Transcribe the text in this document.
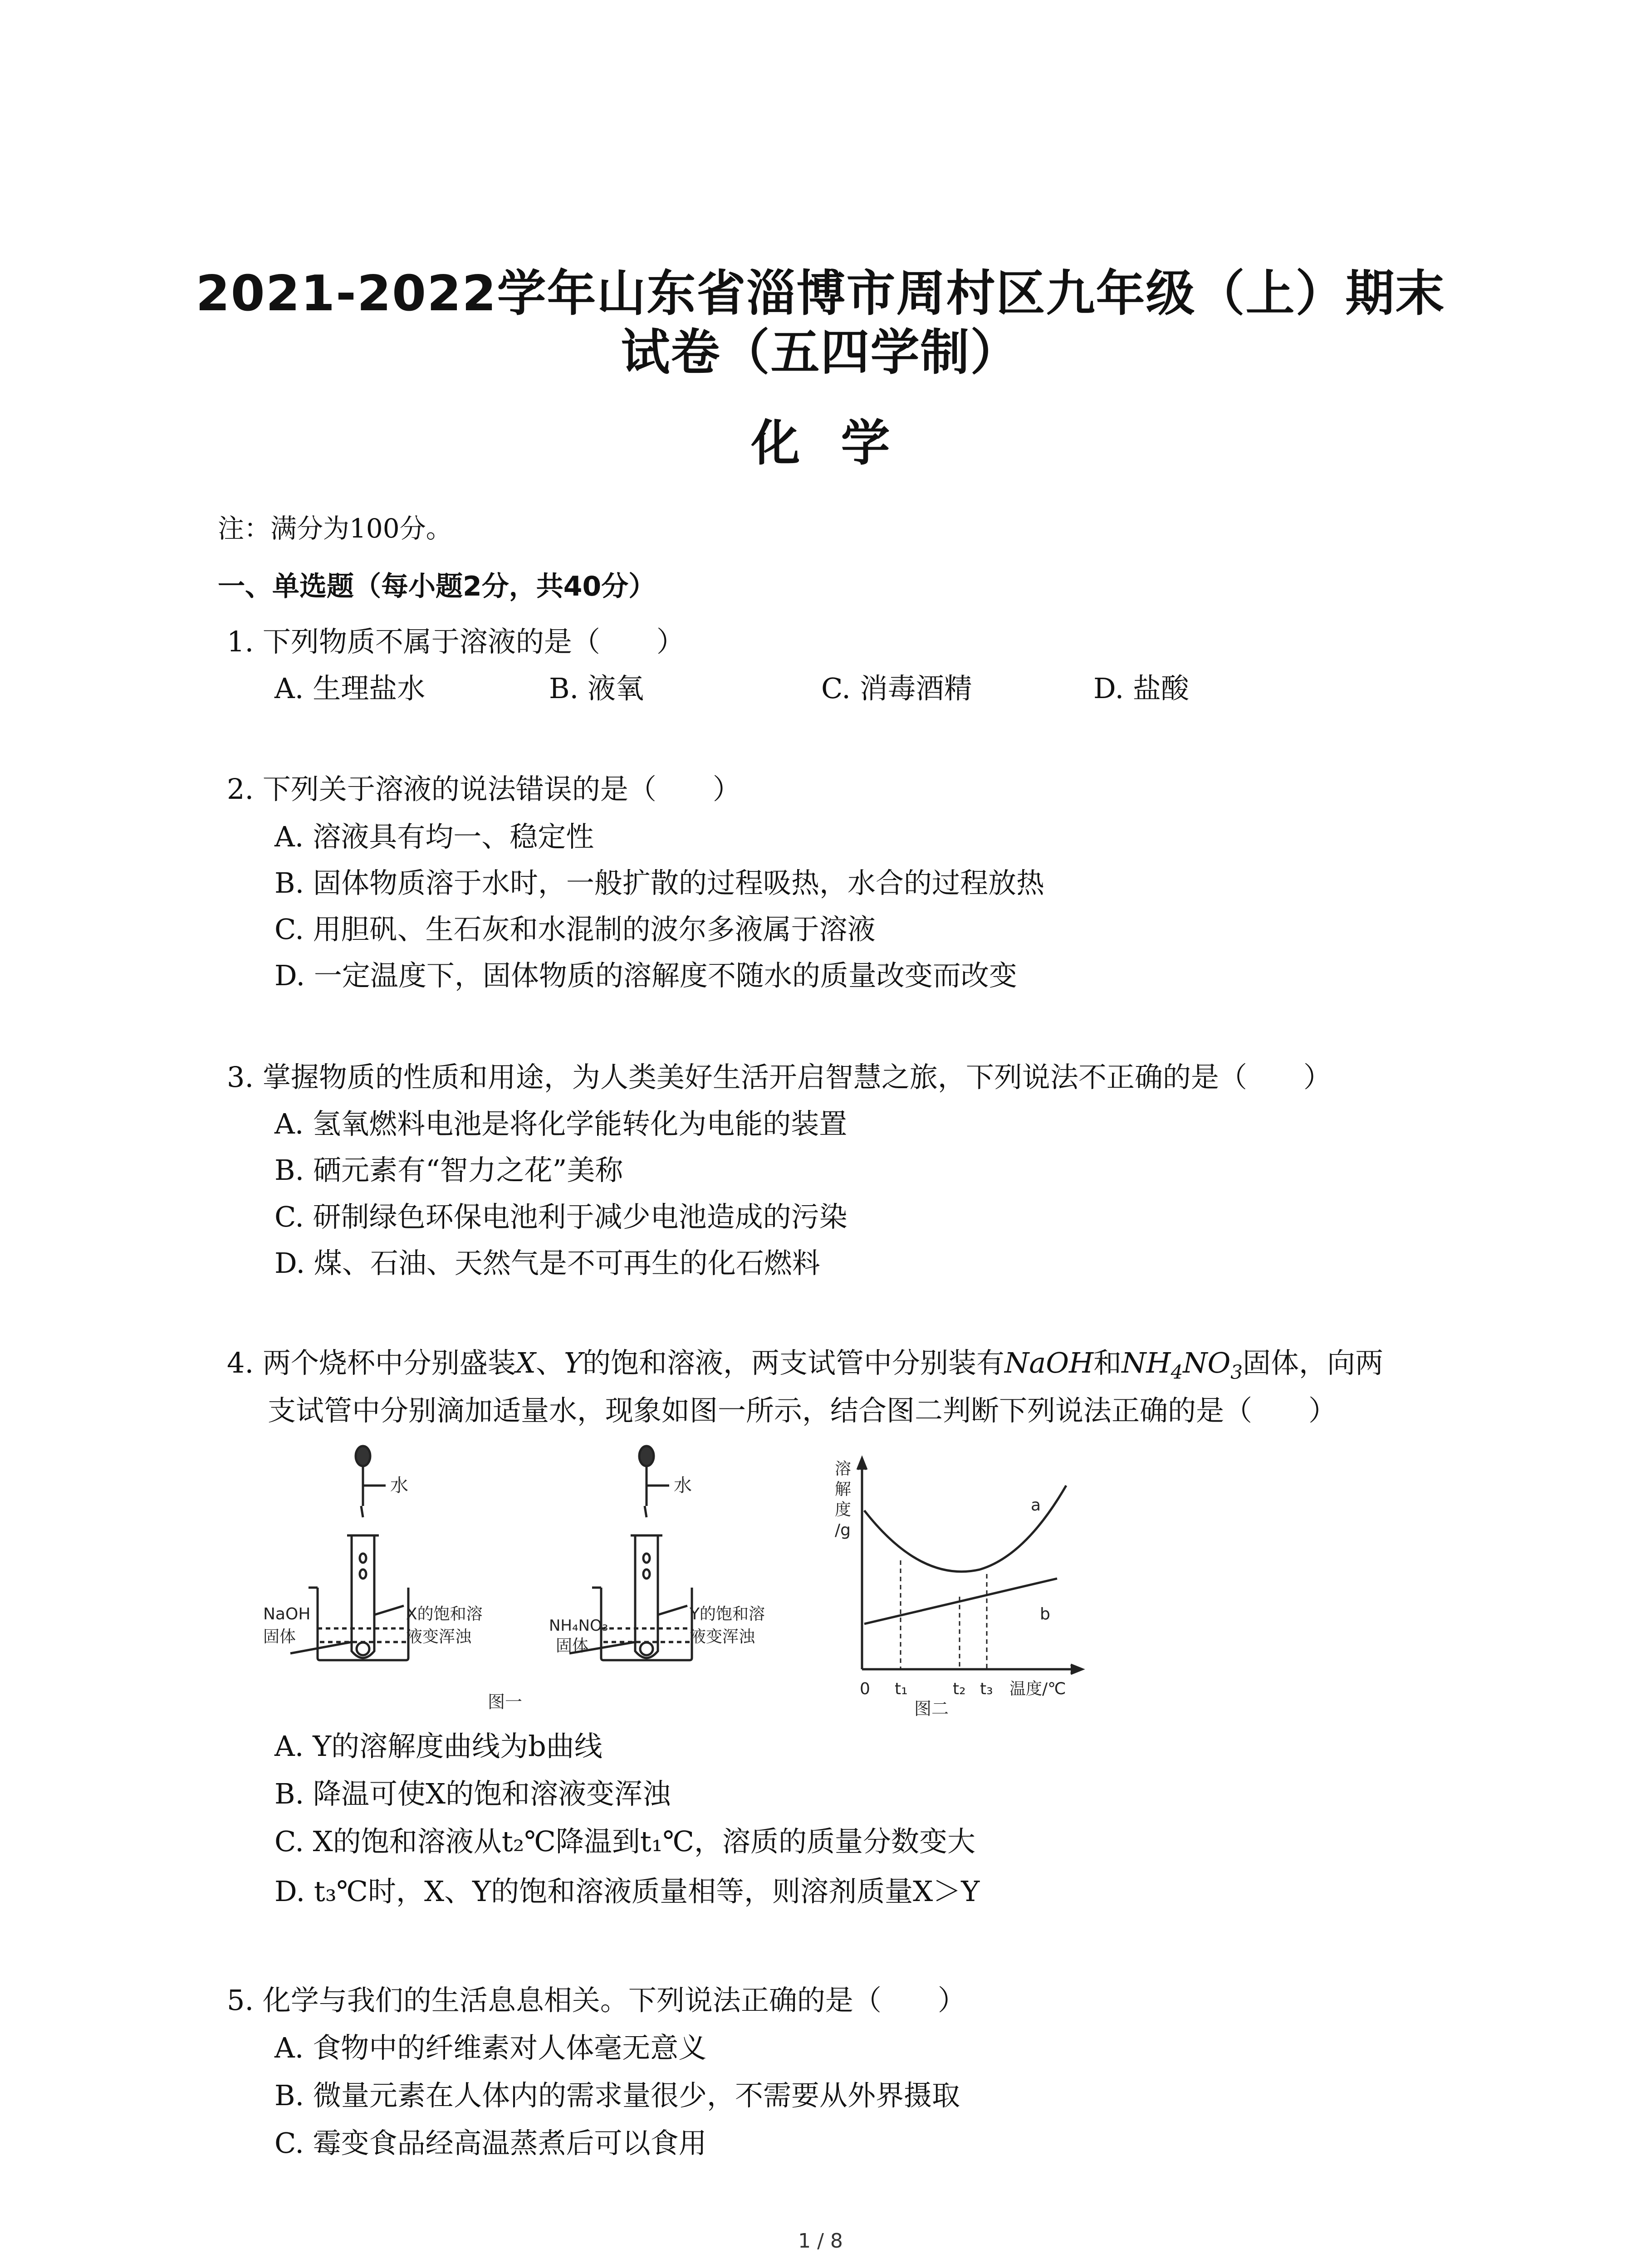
2021-2022学年山东省淄博市周村区九年级（上）期末
试卷（五四学制）
化学
注：满分为100分。
一、单选题（每小题2分，共40分）
1. 下列物质不属于溶液的是（　　）
A. 生理盐水	B. 液氧	C. 消毒酒精	D. 盐酸
2. 下列关于溶液的说法错误的是（　　）
A. 溶液具有均一、稳定性
B. 固体物质溶于水时，一般扩散的过程吸热，水合的过程放热
C. 用胆矾、生石灰和水混制的波尔多液属于溶液
D. 一定温度下，固体物质的溶解度不随水的质量改变而改变
3. 掌握物质的性质和用途，为人类美好生活开启智慧之旅，下列说法不正确的是（　　）
A. 氢氧燃料电池是将化学能转化为电能的装置
B. 硒元素有“智力之花”美称
C. 研制绿色环保电池利于减少电池造成的污染
D. 煤、石油、天然气是不可再生的化石燃料
4. 两个烧杯中分别盛装X、Y的饱和溶液，两支试管中分别装有NaOH和$NH_4NO_3$固体，向两
支试管中分别滴加适量水，现象如图一所示，结合图二判断下列说法正确的是（　　）
水
NaOH
固体
X的饱和溶
液变浑浊
水
NH₄NO₃
固体
Y的饱和溶
液变浑浊
图一
溶
解
度
/g
0 t₁	t₂ t₃ 温度/℃
a
b
图二
A. Y的溶解度曲线为b曲线
B. 降温可使X的饱和溶液变浑浊
C. X的饱和溶液从t₂℃降温到t₁℃，溶质的质量分数变大
D. t₃℃时，X、Y的饱和溶液质量相等，则溶剂质量X＞Y
5. 化学与我们的生活息息相关。下列说法正确的是（　　）
A. 食物中的纤维素对人体毫无意义
B. 微量元素在人体内的需求量很少，不需要从外界摄取
C. 霉变食品经高温蒸煮后可以食用
1 / 8
